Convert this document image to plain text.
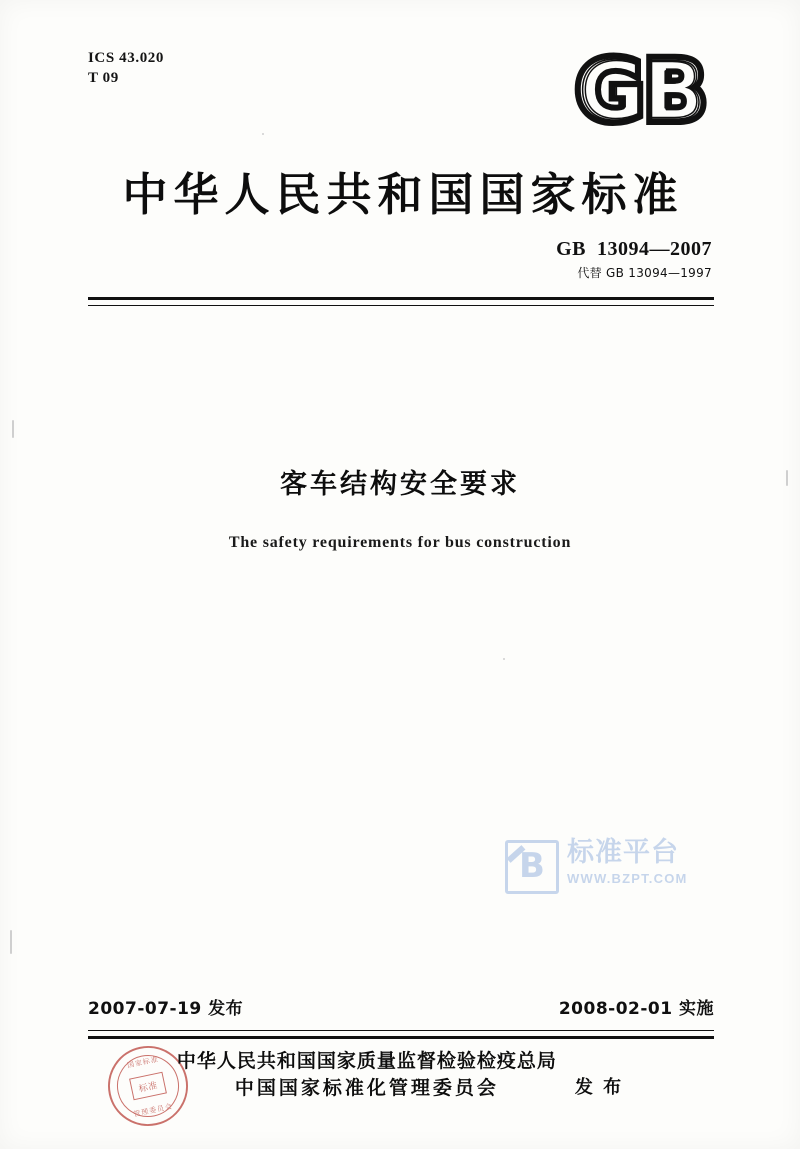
ICS 43.020
T 09
中华人民共和国国家标准
GB  13094—2007
代替 GB 13094—1997
客车结构安全要求
The safety requirements for bus construction
B
标准平台
WWW.BZPT.COM
2007-07-19 发布	2008-02-01 实施
国家标准
标准
管理委员会
中华人民共和国国家质量监督检验检疫总局
中国国家标准化管理委员会	发 布
